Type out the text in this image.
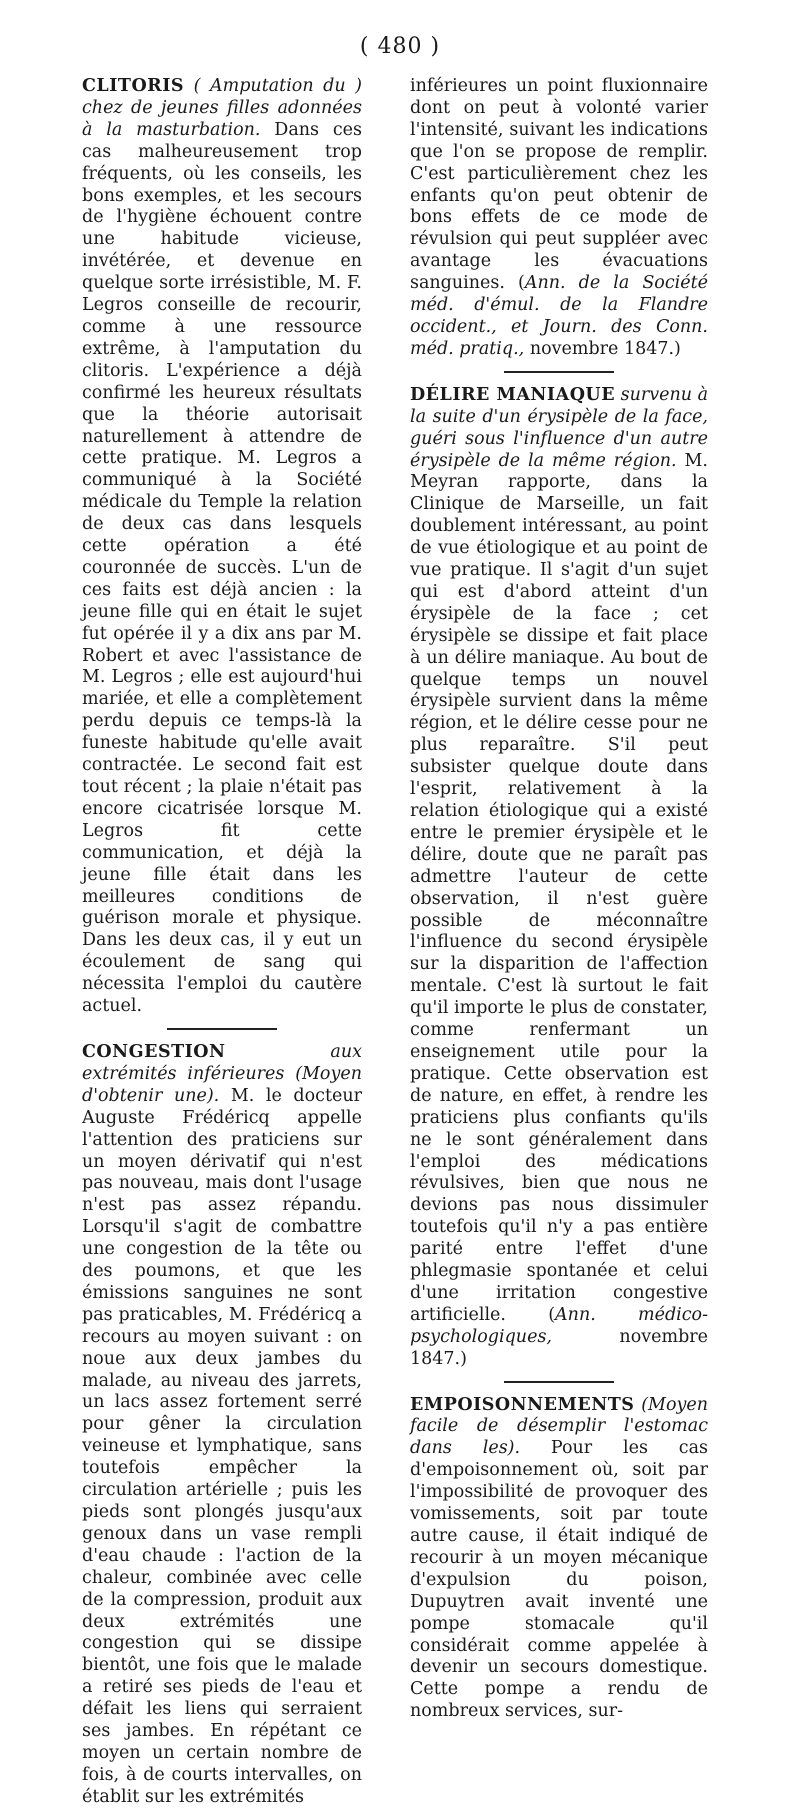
( 480 )

CLITORIS ( Amputation du ) chez de jeunes filles adonnées à la masturbation. Dans ces cas malheureusement trop fréquents, où les conseils, les bons exemples, et les secours de l'hygiène échouent contre une habitude vicieuse, invétérée, et devenue en quelque sorte irrésistible, M. F. Legros conseille de recourir, comme à une ressource extrême, à l'amputation du clitoris. L'expérience a déjà confirmé les heureux résultats que la théorie autorisait naturellement à attendre de cette pratique. M. Legros a communiqué à la Société médicale du Temple la relation de deux cas dans lesquels cette opération a été couronnée de succès. L'un de ces faits est déjà ancien : la jeune fille qui en était le sujet fut opérée il y a dix ans par M. Robert et avec l'assistance de M. Legros ; elle est aujourd'hui mariée, et elle a complètement perdu depuis ce temps-là la funeste habitude qu'elle avait contractée. Le second fait est tout récent ; la plaie n'était pas encore cicatrisée lorsque M. Legros fit cette communication, et déjà la jeune fille était dans les meilleures conditions de guérison morale et physique. Dans les deux cas, il y eut un écoulement de sang qui nécessita l'emploi du cautère actuel.

CONGESTION aux extrémités inférieures (Moyen d'obtenir une). M. le docteur Auguste Frédéricq appelle l'attention des praticiens sur un moyen dérivatif qui n'est pas nouveau, mais dont l'usage n'est pas assez répandu. Lorsqu'il s'agit de combattre une congestion de la tête ou des poumons, et que les émissions sanguines ne sont pas praticables, M. Frédéricq a recours au moyen suivant : on noue aux deux jambes du malade, au niveau des jarrets, un lacs assez fortement serré pour gêner la circulation veineuse et lymphatique, sans toutefois empêcher la circulation artérielle ; puis les pieds sont plongés jusqu'aux genoux dans un vase rempli d'eau chaude : l'action de la chaleur, combinée avec celle de la compression, produit aux deux extrémités une congestion qui se dissipe bientôt, une fois que le malade a retiré ses pieds de l'eau et défait les liens qui serraient ses jambes. En répétant ce moyen un certain nombre de fois, à de courts intervalles, on établit sur les extrémités

inférieures un point fluxionnaire dont on peut à volonté varier l'intensité, suivant les indications que l'on se propose de remplir. C'est particulièrement chez les enfants qu'on peut obtenir de bons effets de ce mode de révulsion qui peut suppléer avec avantage les évacuations sanguines. (Ann. de la Société méd. d'émul. de la Flandre occident., et Journ. des Conn. méd. pratiq., novembre 1847.)

DÉLIRE MANIAQUE survenu à la suite d'un érysipèle de la face, guéri sous l'influence d'un autre érysipèle de la même région. M. Meyran rapporte, dans la Clinique de Marseille, un fait doublement intéressant, au point de vue étiologique et au point de vue pratique. Il s'agit d'un sujet qui est d'abord atteint d'un érysipèle de la face ; cet érysipèle se dissipe et fait place à un délire maniaque. Au bout de quelque temps un nouvel érysipèle survient dans la même région, et le délire cesse pour ne plus reparaître. S'il peut subsister quelque doute dans l'esprit, relativement à la relation étiologique qui a existé entre le premier érysipèle et le délire, doute que ne paraît pas admettre l'auteur de cette observation, il n'est guère possible de méconnaître l'influence du second érysipèle sur la disparition de l'affection mentale. C'est là surtout le fait qu'il importe le plus de constater, comme renfermant un enseignement utile pour la pratique. Cette observation est de nature, en effet, à rendre les praticiens plus confiants qu'ils ne le sont généralement dans l'emploi des médications révulsives, bien que nous ne devions pas nous dissimuler toutefois qu'il n'y a pas entière parité entre l'effet d'une phlegmasie spontanée et celui d'une irritation congestive artificielle. (Ann. médico-psychologiques, novembre 1847.)

EMPOISONNEMENTS (Moyen facile de désemplir l'estomac dans les). Pour les cas d'empoisonnement où, soit par l'impossibilité de provoquer des vomissements, soit par toute autre cause, il était indiqué de recourir à un moyen mécanique d'expulsion du poison, Dupuytren avait inventé une pompe stomacale qu'il considérait comme appelée à devenir un secours domestique. Cette pompe a rendu de nombreux services, sur-
